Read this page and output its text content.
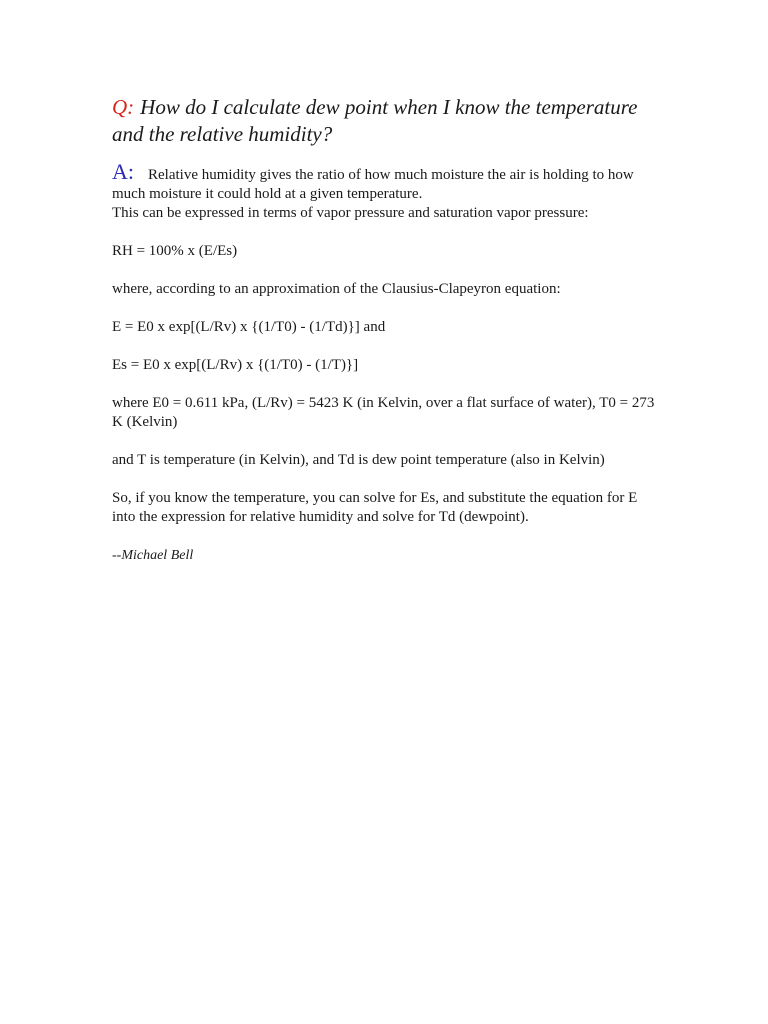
Q: How do I calculate dew point when I know the temperature and the relative humidity?

A: Relative humidity gives the ratio of how much moisture the air is holding to how much moisture it could hold at a given temperature.

This can be expressed in terms of vapor pressure and saturation vapor pressure:

RH = 100% x (E/Es)

where, according to an approximation of the Clausius-Clapeyron equation:

E = E0 x exp[(L/Rv) x {(1/T0) - (1/Td)}] and

Es = E0 x exp[(L/Rv) x {(1/T0) - (1/T)}]

where E0 = 0.611 kPa, (L/Rv) = 5423 K (in Kelvin, over a flat surface of water), T0 = 273 K (Kelvin)

and T is temperature (in Kelvin), and Td is dew point temperature (also in Kelvin)

So, if you know the temperature, you can solve for Es, and substitute the equation for E into the expression for relative humidity and solve for Td (dewpoint).

--Michael Bell
